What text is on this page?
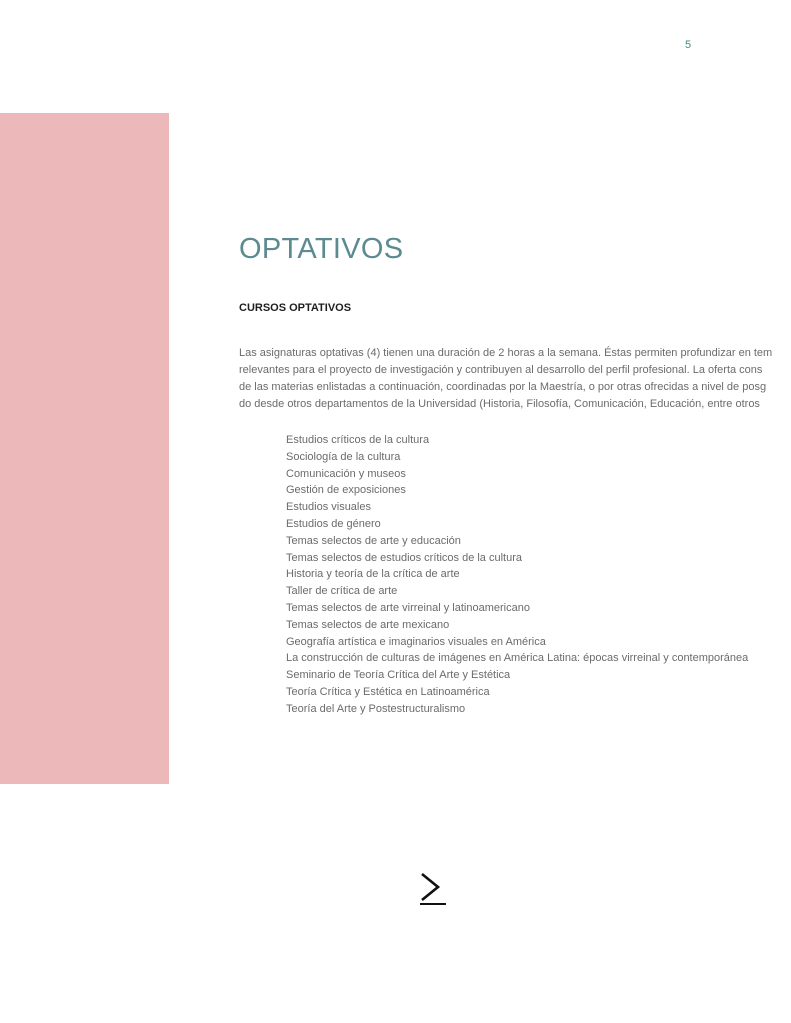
5
OPTATIVOS
CURSOS OPTATIVOS
Las asignaturas optativas (4) tienen una duración de 2 horas a la semana. Éstas permiten profundizar en tem
relevantes para el proyecto de investigación y contribuyen al desarrollo del perfil profesional. La oferta cons
de las materias enlistadas a continuación, coordinadas por la Maestría, o por otras ofrecidas a nivel de posg
do desde otros departamentos de la Universidad (Historia, Filosofía, Comunicación, Educación, entre otros
Estudios críticos de la cultura
Sociología de la cultura
Comunicación y museos
Gestión de exposiciones
Estudios visuales
Estudios de género
Temas selectos de arte y educación
Temas selectos de estudios críticos de la cultura
Historia y teoría de la crítica de arte
Taller de crítica de arte
Temas selectos de arte virreinal y latinoamericano
Temas selectos de arte mexicano
Geografía artística e imaginarios visuales en América
La construcción de culturas de imágenes en América Latina: épocas virreinal y contemporánea
Seminario de Teoría Crítica del Arte y Estética
Teoría Crítica y Estética en Latinoamérica
Teoría del Arte y Postestructuralismo
